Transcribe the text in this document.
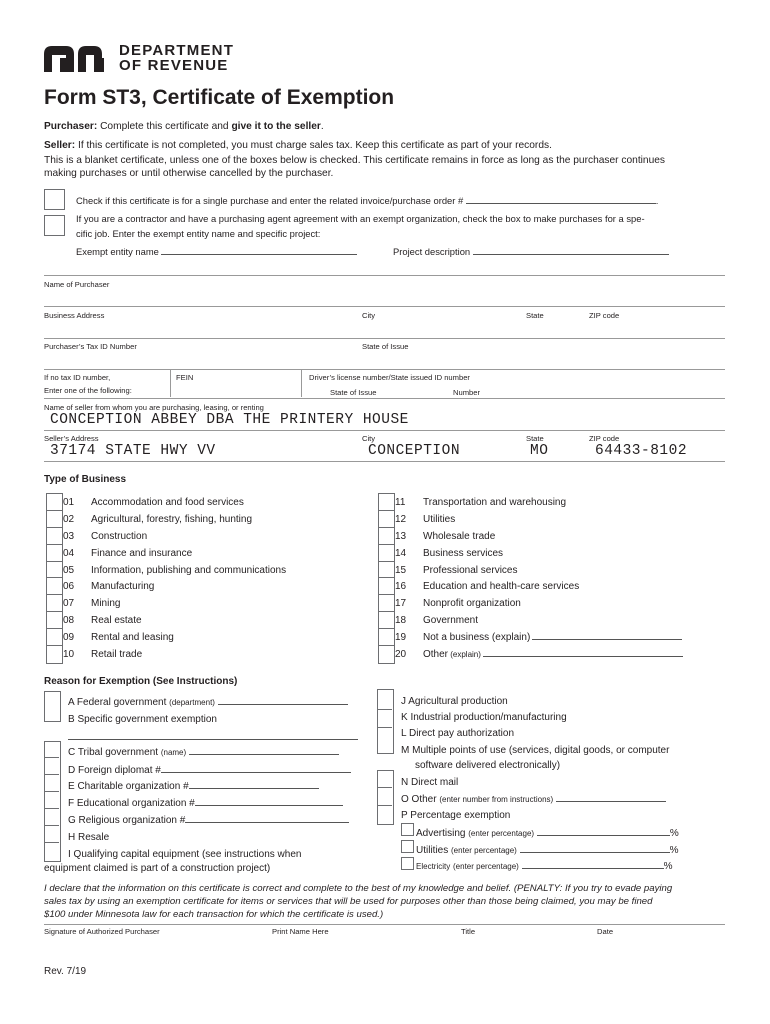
DEPARTMENT
OF REVENUE
Form ST3, Certificate of Exemption
Purchaser: Complete this certificate and give it to the seller.
Seller: If this certificate is not completed, you must charge sales tax. Keep this certificate as part of your records.
This is a blanket certificate, unless one of the boxes below is checked. This certificate remains in force as long as the purchaser continues
making purchases or until otherwise cancelled by the purchaser.
Check if this certificate is for a single purchase and enter the related invoice/purchase order #	.
If you are a contractor and have a purchasing agent agreement with an exempt organization, check the box to make purchases for a spe-
cific job. Enter the exempt entity name and specific project:
Exempt entity name	Project description
Name of Purchaser
Business Address	City	State	ZIP code
Purchaser’s Tax ID Number	State of Issue
If no tax ID number,
Enter one of the following:
FEIN	Driver’s license number/State issued ID number
State of Issue	Number
Name of seller from whom you are purchasing, leasing, or renting
CONCEPTION ABBEY DBA THE PRINTERY HOUSE
Seller’s Address	City	State	ZIP code
37174 STATE HWY VV	CONCEPTION	MO	64433-8102
Type of Business
01 Accommodation and food services
02 Agricultural, forestry, fishing, hunting
03 Construction
04 Finance and insurance
05 Information, publishing and communications
06 Manufacturing
07 Mining
08 Real estate
09 Rental and leasing
10 Retail trade
11 Transportation and warehousing
12 Utilities
13 Wholesale trade
14 Business services
15 Professional services
16 Education and health-care services
17 Nonprofit organization
18 Government
19 Not a business (explain)
20 Other (explain)
Reason for Exemption (See Instructions)
A Federal government (department)
B Specific government exemption
C Tribal government (name)
D Foreign diplomat #
E Charitable organization #
F Educational organization #
G Religious organization #
H Resale
I Qualifying capital equipment (see instructions when
equipment claimed is part of a construction project)
J Agricultural production
K Industrial production/manufacturing
L Direct pay authorization
M Multiple points of use (services, digital goods, or computer
software delivered electronically)
N Direct mail
O Other (enter number from instructions)
P Percentage exemption
Advertising (enter percentage)	%
Utilities (enter percentage)	%
Electricity (enter percentage)	%
I declare that the information on this certificate is correct and complete to the best of my knowledge and belief. (PENALTY: If you try to evade paying
sales tax by using an exemption certificate for items or services that will be used for purposes other than those being claimed, you may be fined
$100 under Minnesota law for each transaction for which the certificate is used.)
Signature of Authorized Purchaser	Print Name Here	Title	Date
Rev. 7/19
